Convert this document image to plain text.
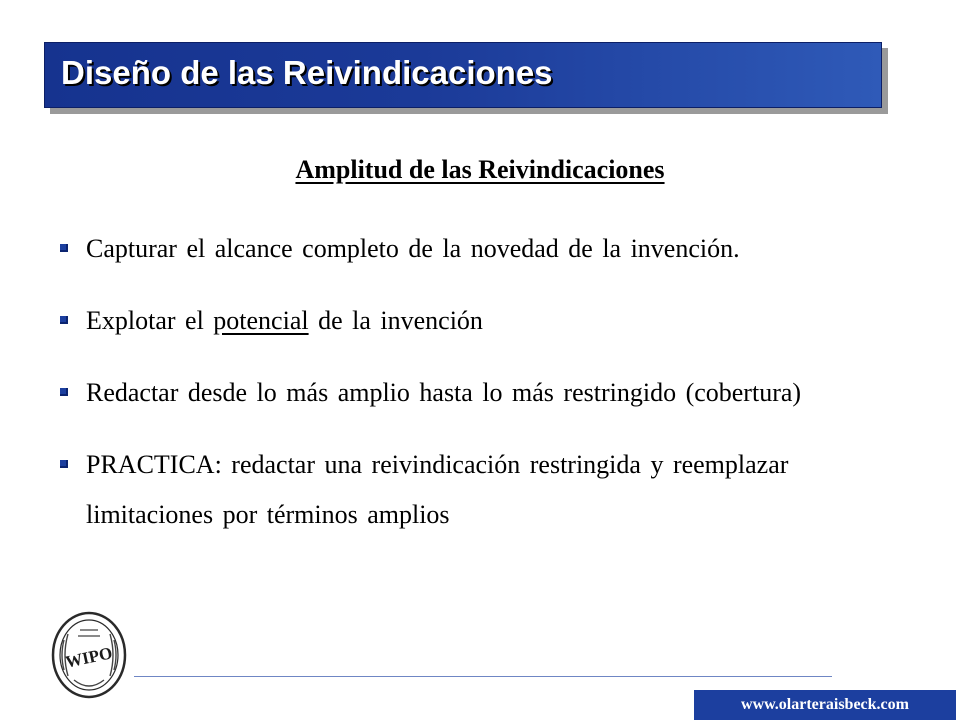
Diseño de las Reivindicaciones
Amplitud de las Reivindicaciones
Capturar el alcance completo de la novedad de la invención.
Explotar el potencial de la invención
Redactar desde lo más amplio hasta lo más restringido (cobertura)
PRACTICA: redactar una reivindicación restringida y reemplazar limitaciones por términos amplios
WIPO
www.olarteraisbeck.com
